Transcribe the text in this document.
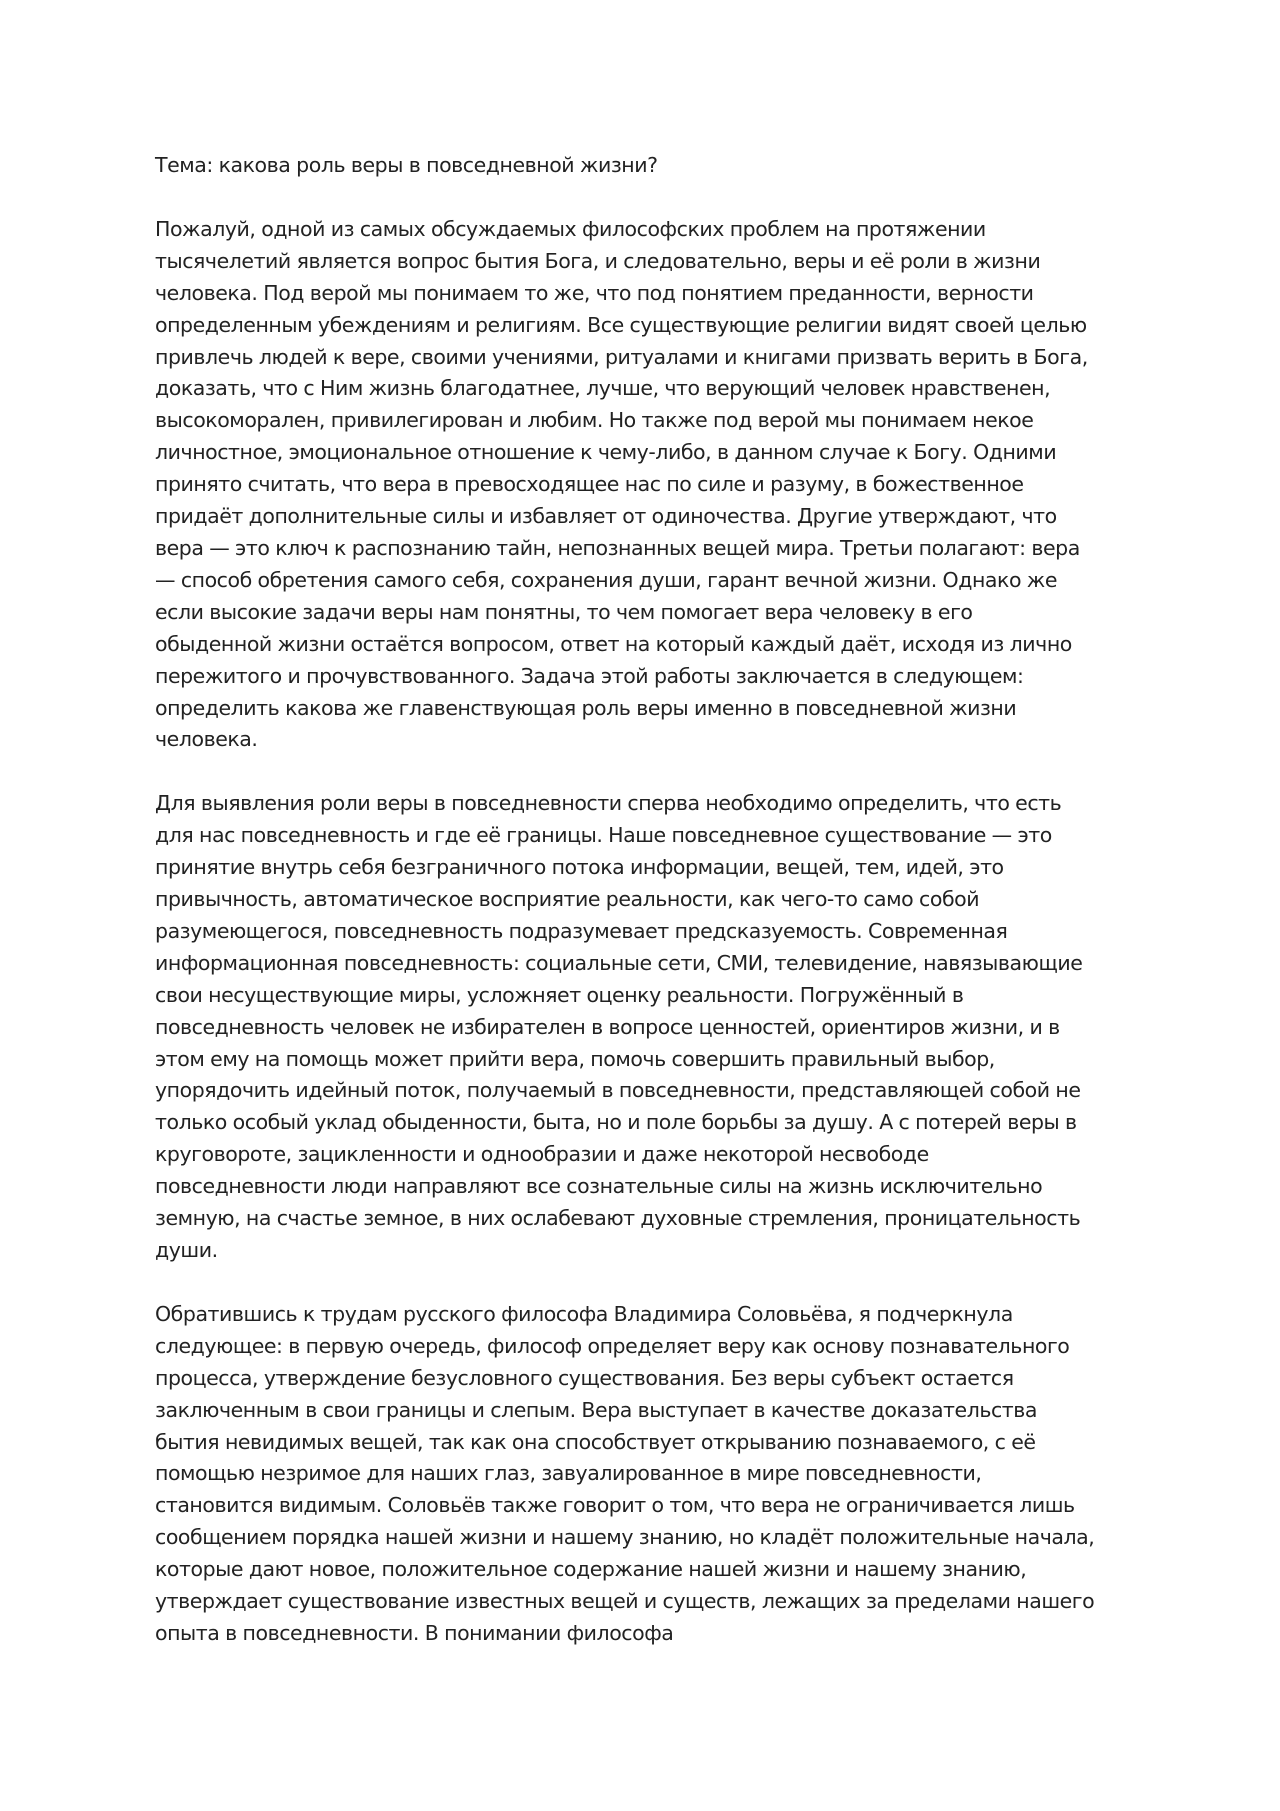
Тема: какова роль веры в повседневной жизни?

Пожалуй, одной из самых обсуждаемых философских проблем на протяжении тысячелетий является вопрос бытия Бога, и следовательно, веры и её роли в жизни человека. Под верой мы понимаем то же, что под понятием преданности, верности определенным убеждениям и религиям. Все существующие религии видят своей целью привлечь людей к вере, своими учениями, ритуалами и книгами призвать верить в Бога, доказать, что с Ним жизнь благодатнее, лучше, что верующий человек нравственен, высокоморален, привилегирован и любим. Но также под верой мы понимаем некое личностное, эмоциональное отношение к чему-либо, в данном случае к Богу. Одними принято считать, что вера в превосходящее нас по силе и разуму, в божественное придаёт дополнительные силы и избавляет от одиночества. Другие утверждают, что вера — это ключ к распознанию тайн, непознанных вещей мира. Третьи полагают: вера — способ обретения самого себя, сохранения души, гарант вечной жизни. Однако же если высокие задачи веры нам понятны, то чем помогает вера человеку в его обыденной жизни остаётся вопросом, ответ на который каждый даёт, исходя из лично пережитого и прочувствованного. Задача этой работы заключается в следующем: определить какова же главенствующая роль веры именно в повседневной жизни человека.

Для выявления роли веры в повседневности сперва необходимо определить, что есть для нас повседневность и где её границы. Наше повседневное существование — это принятие внутрь себя безграничного потока информации, вещей, тем, идей, это привычность, автоматическое восприятие реальности, как чего-то само собой разумеющегося, повседневность подразумевает предсказуемость. Современная информационная повседневность: социальные сети, СМИ, телевидение, навязывающие свои несуществующие миры, усложняет оценку реальности. Погружённый в повседневность человек не избирателен в вопросе ценностей, ориентиров жизни, и в этом ему на помощь может прийти вера, помочь совершить правильный выбор, упорядочить идейный поток, получаемый в повседневности, представляющей собой не только особый уклад обыденности, быта, но и поле борьбы за душу. А с потерей веры в круговороте, зацикленности и однообразии и даже некоторой несвободе повседневности люди направляют все сознательные силы на жизнь исключительно земную, на счастье земное, в них ослабевают духовные стремления, проницательность души.

Обратившись к трудам русского философа Владимира Соловьёва, я подчеркнула следующее: в первую очередь, философ определяет веру как основу познавательного процесса, утверждение безусловного существования. Без веры субъект остается заключенным в свои границы и слепым. Вера выступает в качестве доказательства бытия невидимых вещей, так как она способствует открыванию познаваемого, с её помощью незримое для наших глаз, завуалированное в мире повседневности, становится видимым. Соловьёв также говорит о том, что вера не ограничивается лишь сообщением порядка нашей жизни и нашему знанию, но кладёт положительные начала, которые дают новое, положительное содержание нашей жизни и нашему знанию, утверждает существование известных вещей и существ, лежащих за пределами нашего опыта в повседневности. В понимании философа
